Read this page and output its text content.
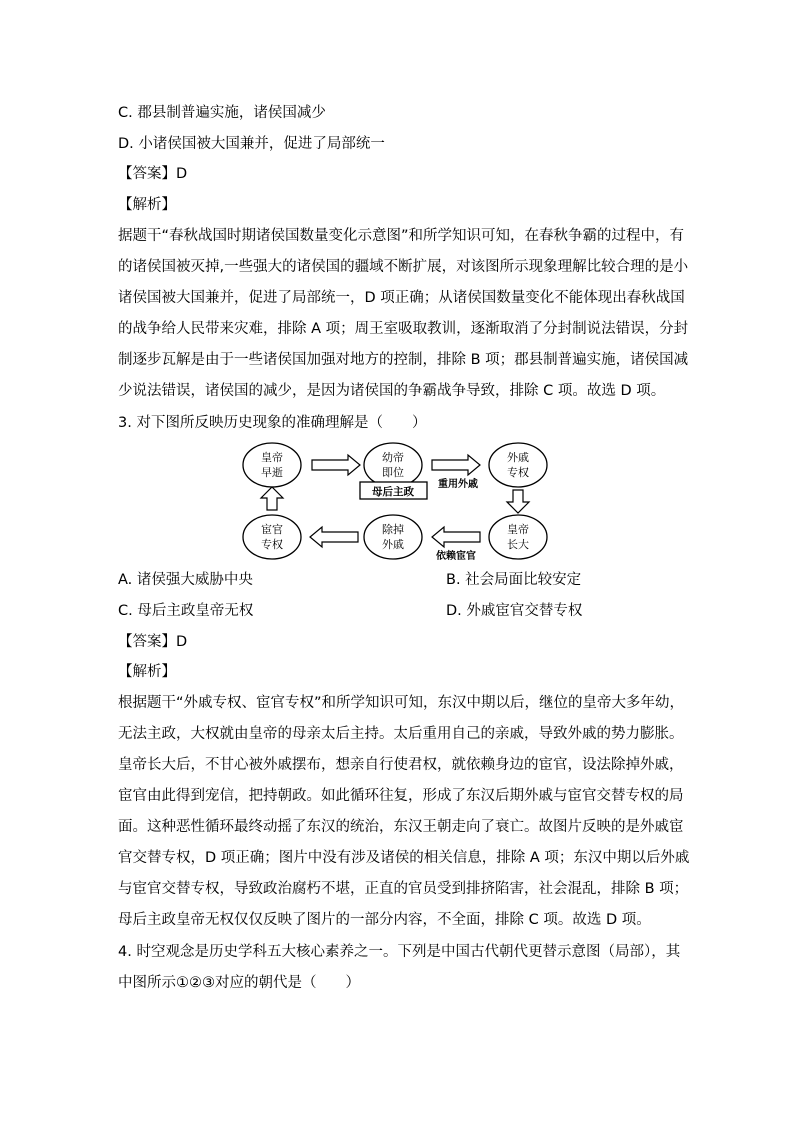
C. 郡县制普遍实施，诸侯国减少
D. 小诸侯国被大国兼并，促进了局部统一
【答案】D
【解析】
据题干“春秋战国时期诸侯国数量变化示意图”和所学知识可知，在春秋争霸的过程中，有
的诸侯国被灭掉,一些强大的诸侯国的疆域不断扩展，对该图所示现象理解比较合理的是小
诸侯国被大国兼并，促进了局部统一，D 项正确；从诸侯国数量变化不能体现出春秋战国
的战争给人民带来灾难，排除 A 项；周王室吸取教训，逐渐取消了分封制说法错误，分封
制逐步瓦解是由于一些诸侯国加强对地方的控制，排除 B 项；郡县制普遍实施，诸侯国减
少说法错误，诸侯国的减少，是因为诸侯国的争霸战争导致，排除 C 项。故选 D 项。
3. 对下图所反映历史现象的准确理解是（　　）
皇帝
早逝
幼帝
即位
外戚
专权
皇帝
长大
除掉
外戚
宦官
专权
母后主政
重用外戚
依赖宦官
A. 诸侯强大威胁中央	B. 社会局面比较安定
C. 母后主政皇帝无权	D. 外戚宦官交替专权
【答案】D
【解析】
根据题干“外戚专权、宦官专权”和所学知识可知，东汉中期以后，继位的皇帝大多年幼，
无法主政，大权就由皇帝的母亲太后主持。太后重用自己的亲戚，导致外戚的势力膨胀。
皇帝长大后，不甘心被外戚摆布，想亲自行使君权，就依赖身边的宦官，设法除掉外戚，
宦官由此得到宠信，把持朝政。如此循环往复，形成了东汉后期外戚与宦官交替专权的局
面。这种恶性循环最终动摇了东汉的统治，东汉王朝走向了衰亡。故图片反映的是外戚宦
官交替专权，D 项正确；图片中没有涉及诸侯的相关信息，排除 A 项；东汉中期以后外戚
与宦官交替专权，导致政治腐朽不堪，正直的官员受到排挤陷害，社会混乱，排除 B 项；
母后主政皇帝无权仅仅反映了图片的一部分内容，不全面，排除 C 项。故选 D 项。
4. 时空观念是历史学科五大核心素养之一。下列是中国古代朝代更替示意图（局部），其
中图所示①②③对应的朝代是（　　）
